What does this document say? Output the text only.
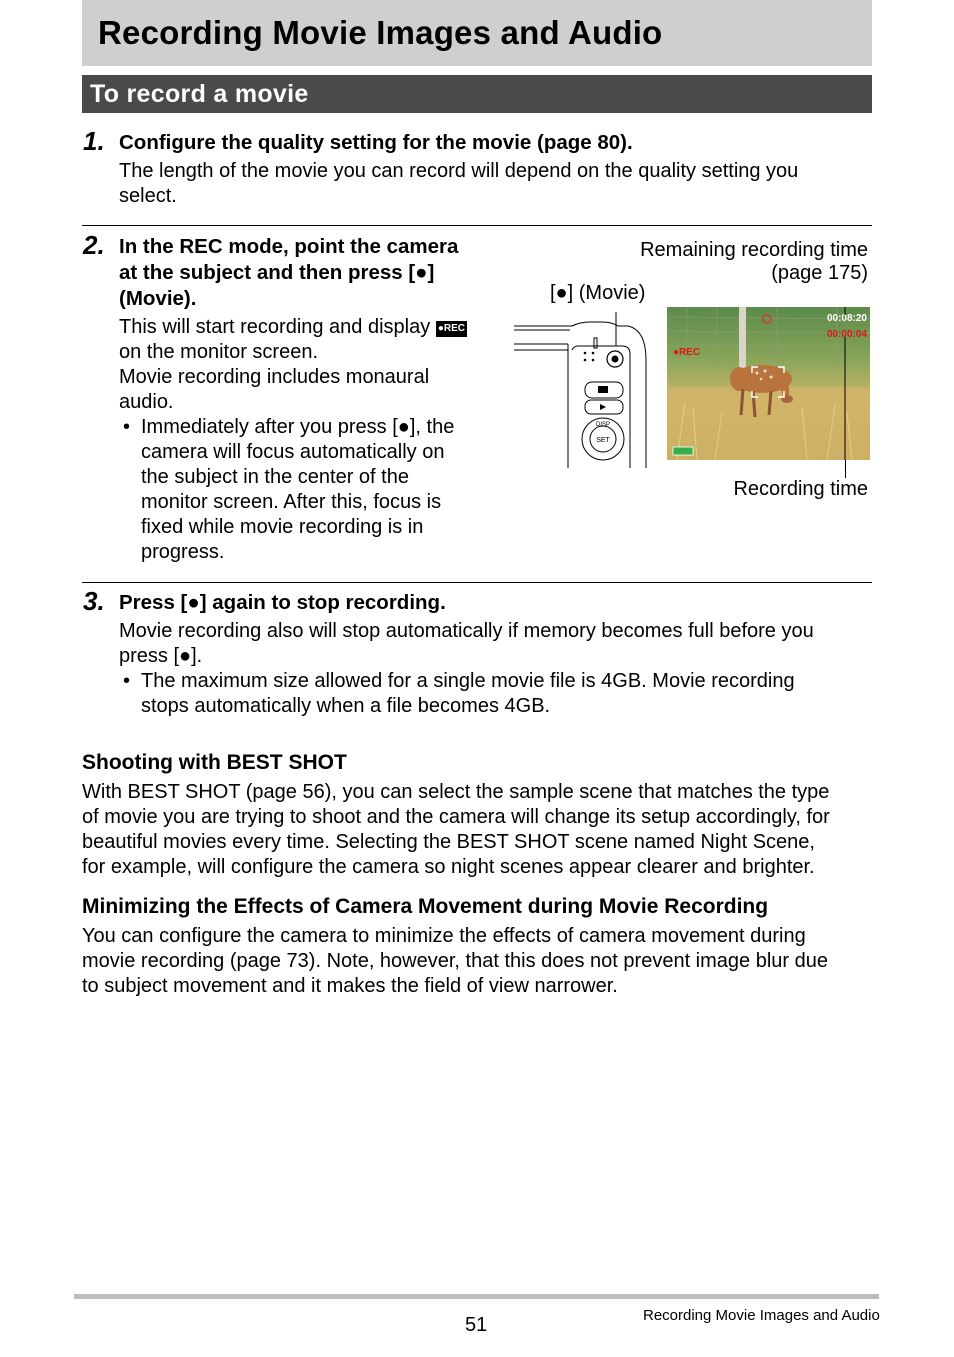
Recording Movie Images and Audio
To record a movie
1. Configure the quality setting for the movie (page 80).
The length of the movie you can record will depend on the quality setting you
select.
2. In the REC mode, point the camera
at the subject and then press [●]
(Movie).
This will start recording and display ●REC
on the monitor screen.
Movie recording includes monaural
audio.
• Immediately after you press [●], the
camera will focus automatically on
the subject in the center of the
monitor screen. After this, focus is
fixed while movie recording is in
progress.
Remaining recording time
(page 175)
[●] (Movie)
Recording time
DISP
SET
00:08:20
00:00:04
●REC
3. Press [●] again to stop recording.
Movie recording also will stop automatically if memory becomes full before you
press [●].
• The maximum size allowed for a single movie file is 4GB. Movie recording
stops automatically when a file becomes 4GB.
Shooting with BEST SHOT
With BEST SHOT (page 56), you can select the sample scene that matches the type
of movie you are trying to shoot and the camera will change its setup accordingly, for
beautiful movies every time. Selecting the BEST SHOT scene named Night Scene,
for example, will configure the camera so night scenes appear clearer and brighter.
Minimizing the Effects of Camera Movement during Movie Recording
You can configure the camera to minimize the effects of camera movement during
movie recording (page 73). Note, however, that this does not prevent image blur due
to subject movement and it makes the field of view narrower.
51	Recording Movie Images and Audio
